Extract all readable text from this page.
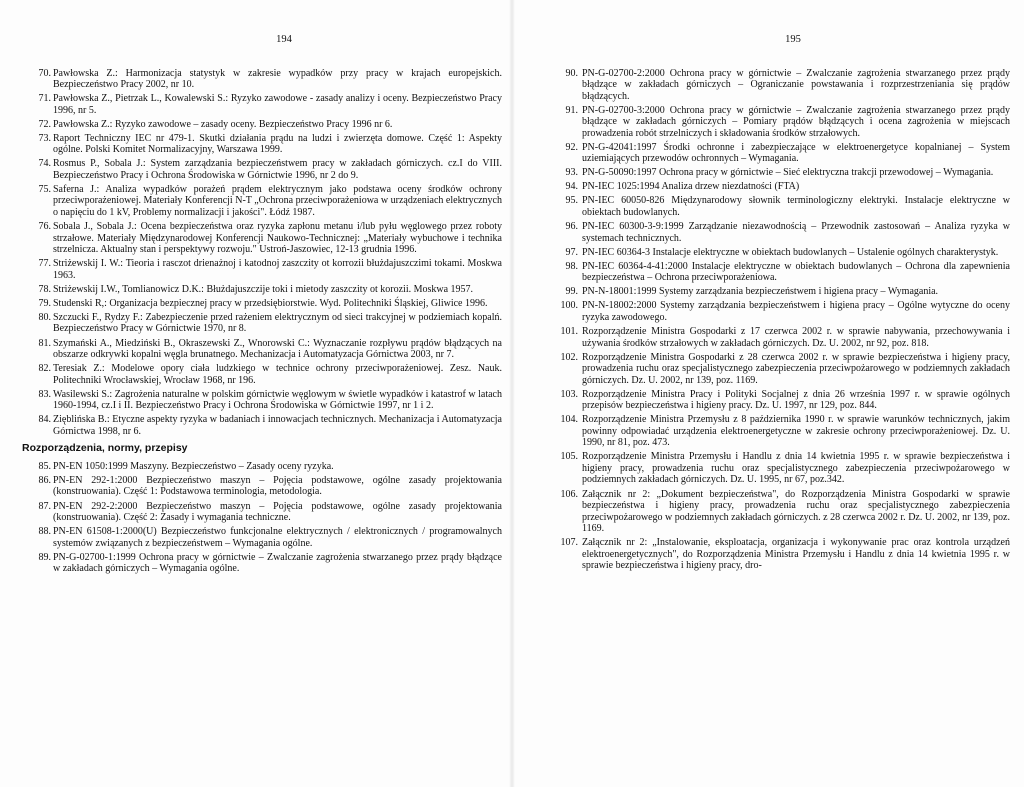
194
70. Pawłowska Z.: Harmonizacja statystyk w zakresie wypadków przy pracy w krajach europejskich. Bezpieczeństwo Pracy 2002, nr 10.
71. Pawłowska Z., Pietrzak L., Kowalewski S.: Ryzyko zawodowe - zasady analizy i oceny. Bezpieczeństwo Pracy 1996, nr 5.
72. Pawłowska Z.: Ryzyko zawodowe – zasady oceny. Bezpieczeństwo Pracy 1996 nr 6.
73. Raport Techniczny IEC nr 479-1. Skutki działania prądu na ludzi i zwierzęta domowe. Część 1: Aspekty ogólne. Polski Komitet Normalizacyjny, Warszawa 1999.
74. Rosmus P., Sobala J.: System zarządzania bezpieczeństwem pracy w zakładach górniczych. cz.I do VIII. Bezpieczeństwo Pracy i Ochrona Środowiska w Górnictwie 1996, nr 2 do 9.
75. Saferna J.: Analiza wypadków porażeń prądem elektrycznym jako podstawa oceny środków ochrony przeciwporażeniowej. Materiały Konferencji N-T „Ochrona przeciwporażeniowa w urządzeniach elektrycznych o napięciu do 1 kV, Problemy normalizacji i jakości". Łódź 1987.
76. Sobala J., Sobala J.: Ocena bezpieczeństwa oraz ryzyka zapłonu metanu i/lub pyłu węglowego przez roboty strzałowe. Materiały Międzynarodowej Konferencji Naukowo-Technicznej: „Materiały wybuchowe i technika strzelnicza. Aktualny stan i perspektywy rozwoju." Ustroń-Jaszowiec, 12-13 grudnia 1996.
77. Striżewskij I. W.: Tieoria i rasczot drienażnoj i katodnoj zaszczity ot korrozii błużdajuszczimi tokami. Moskwa 1963.
78. Striżewskij I.W., Tomlianowicz D.K.: Błużdajuszczije toki i mietody zaszczity ot korozii. Moskwa 1957.
79. Studenski R,: Organizacja bezpiecznej pracy w przedsiębiorstwie. Wyd. Politechniki Śląskiej, Gliwice 1996.
80. Szczucki F., Rydzy F.: Zabezpieczenie przed rażeniem elektrycznym od sieci trakcyjnej w podziemiach kopalń. Bezpieczeństwo Pracy w Górnictwie 1970, nr 8.
81. Szymański A., Miedziński B., Okraszewski Z., Wnorowski C.: Wyznaczanie rozpływu prądów błądzących na obszarze odkrywki kopalni węgla brunatnego. Mechanizacja i Automatyzacja Górnictwa 2003, nr 7.
82. Teresiak Z.: Modelowe opory ciała ludzkiego w technice ochrony przeciwporażeniowej. Zesz. Nauk. Politechniki Wrocławskiej, Wrocław 1968, nr 196.
83. Wasilewski S.: Zagrożenia naturalne w polskim górnictwie węglowym w świetle wypadków i katastrof w latach 1960-1994, cz.I i II. Bezpieczeństwo Pracy i Ochrona Środowiska w Górnictwie 1997, nr 1 i 2.
84. Zięblińska B.: Etyczne aspekty ryzyka w badaniach i innowacjach technicznych. Mechanizacja i Automatyzacja Górnictwa 1998, nr 6.
Rozporządzenia, normy, przepisy
85. PN-EN 1050:1999 Maszyny. Bezpieczeństwo – Zasady oceny ryzyka.
86. PN-EN 292-1:2000 Bezpieczeństwo maszyn – Pojęcia podstawowe, ogólne zasady projektowania (konstruowania). Część 1: Podstawowa terminologia, metodologia.
87. PN-EN 292-2:2000 Bezpieczeństwo maszyn – Pojęcia podstawowe, ogólne zasady projektowania (konstruowania). Część 2: Zasady i wymagania techniczne.
88. PN-EN 61508-1:2000(U) Bezpieczeństwo funkcjonalne elektrycznych / elektronicznych / programowalnych systemów związanych z bezpieczeństwem – Wymagania ogólne.
89. PN-G-02700-1:1999 Ochrona pracy w górnictwie – Zwalczanie zagrożenia stwarzanego przez prądy błądzące w zakładach górniczych – Wymagania ogólne.
195
90. PN-G-02700-2:2000 Ochrona pracy w górnictwie – Zwalczanie zagrożenia stwarzanego przez prądy błądzące w zakładach górniczych – Ograniczanie powstawania i rozprzestrzeniania się prądów błądzących.
91. PN-G-02700-3:2000 Ochrona pracy w górnictwie – Zwalczanie zagrożenia stwarzanego przez prądy błądzące w zakładach górniczych – Pomiary prądów błądzących i ocena zagrożenia w miejscach prowadzenia robót strzelniczych i składowania środków strzałowych.
92. PN-G-42041:1997 Środki ochronne i zabezpieczające w elektroenergetyce kopalnianej – System uziemiających przewodów ochronnych – Wymagania.
93. PN-G-50090:1997 Ochrona pracy w górnictwie – Sieć elektryczna trakcji przewodowej – Wymagania.
94. PN-IEC 1025:1994 Analiza drzew niezdatności (FTA)
95. PN-IEC 60050-826 Międzynarodowy słownik terminologiczny elektryki. Instalacje elektryczne w obiektach budowlanych.
96. PN-IEC 60300-3-9:1999 Zarządzanie niezawodnością – Przewodnik zastosowań – Analiza ryzyka w systemach technicznych.
97. PN-IEC 60364-3 Instalacje elektryczne w obiektach budowlanych – Ustalenie ogólnych charakterystyk.
98. PN-IEC 60364-4-41:2000 Instalacje elektryczne w obiektach budowlanych – Ochrona dla zapewnienia bezpieczeństwa – Ochrona przeciwporażeniowa.
99. PN-N-18001:1999 Systemy zarządzania bezpieczeństwem i higiena pracy – Wymagania.
100. PN-N-18002:2000 Systemy zarządzania bezpieczeństwem i higiena pracy – Ogólne wytyczne do oceny ryzyka zawodowego.
101. Rozporządzenie Ministra Gospodarki z 17 czerwca 2002 r. w sprawie nabywania, przechowywania i używania środków strzałowych w zakładach górniczych. Dz. U. 2002, nr 92, poz. 818.
102. Rozporządzenie Ministra Gospodarki z 28 czerwca 2002 r. w sprawie bezpieczeństwa i higieny pracy, prowadzenia ruchu oraz specjalistycznego zabezpieczenia przeciwpożarowego w podziemnych zakładach górniczych. Dz. U. 2002, nr 139, poz. 1169.
103. Rozporządzenie Ministra Pracy i Polityki Socjalnej z dnia 26 września 1997 r. w sprawie ogólnych przepisów bezpieczeństwa i higieny pracy. Dz. U. 1997, nr 129, poz. 844.
104. Rozporządzenie Ministra Przemysłu z 8 października 1990 r. w sprawie warunków technicznych, jakim powinny odpowiadać urządzenia elektroenergetyczne w zakresie ochrony przeciwporażeniowej. Dz. U. 1990, nr 81, poz. 473.
105. Rozporządzenie Ministra Przemysłu i Handlu z dnia 14 kwietnia 1995 r. w sprawie bezpieczeństwa i higieny pracy, prowadzenia ruchu oraz specjalistycznego zabezpieczenia przeciwpożarowego w podziemnych zakładach górniczych. Dz. U. 1995, nr 67, poz.342.
106. Załącznik nr 2: „Dokument bezpieczeństwa", do Rozporządzenia Ministra Gospodarki w sprawie bezpieczeństwa i higieny pracy, prowadzenia ruchu oraz specjalistycznego zabezpieczenia przeciwpożarowego w podziemnych zakładach górniczych. z 28 czerwca 2002 r. Dz. U. 2002, nr 139, poz. 1169.
107. Załącznik nr 2: „Instalowanie, eksploatacja, organizacja i wykonywanie prac oraz kontrola urządzeń elektroenergetycznych", do Rozporządzenia Ministra Przemysłu i Handlu z dnia 14 kwietnia 1995 r. w sprawie bezpieczeństwa i higieny pracy, dro-
